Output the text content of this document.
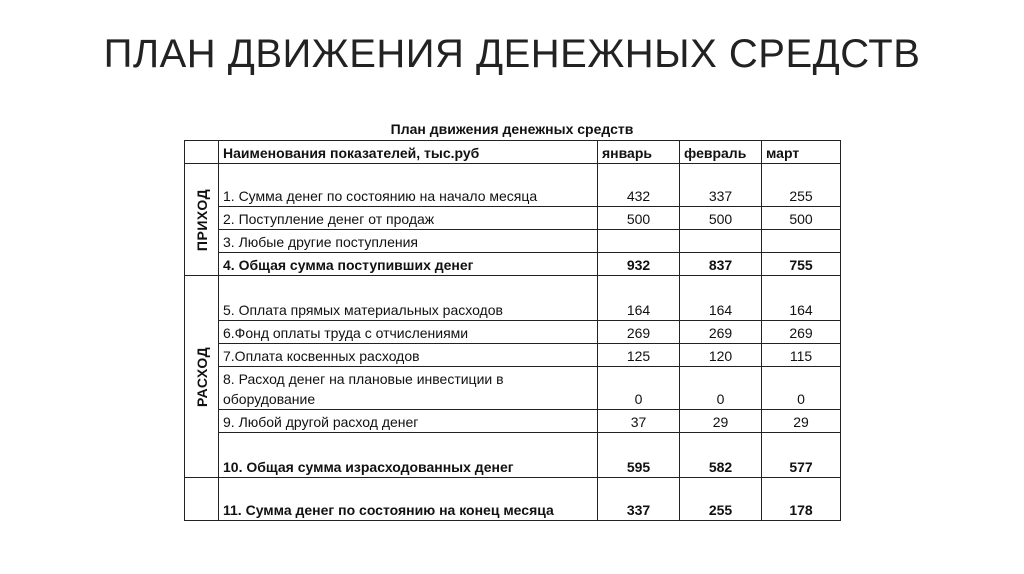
ПЛАН ДВИЖЕНИЯ ДЕНЕЖНЫХ СРЕДСТВ
План движения денежных средств
	Наименования показателей, тыс.руб	январь	февраль	март

ПРИХОД	1. Сумма денег по состоянию на начало месяца	432	337	255
	2. Поступление денег от продаж	500	500	500
	3. Любые другие поступления			
	4. Общая сумма поступивших денег	932	837	755

РАСХОД	5. Оплата прямых материальных расходов	164	164	164
	6.Фонд оплаты труда с отчислениями	269	269	269
	7.Оплата косвенных расходов	125	120	115
	8. Расход денег на плановые инвестиции в оборудование	0	0	0
	9. Любой другой расход денег	37	29	29
	10. Общая сумма израсходованных денег	595	582	577
	11. Сумма денег по состоянию на конец месяца	337	255	178
